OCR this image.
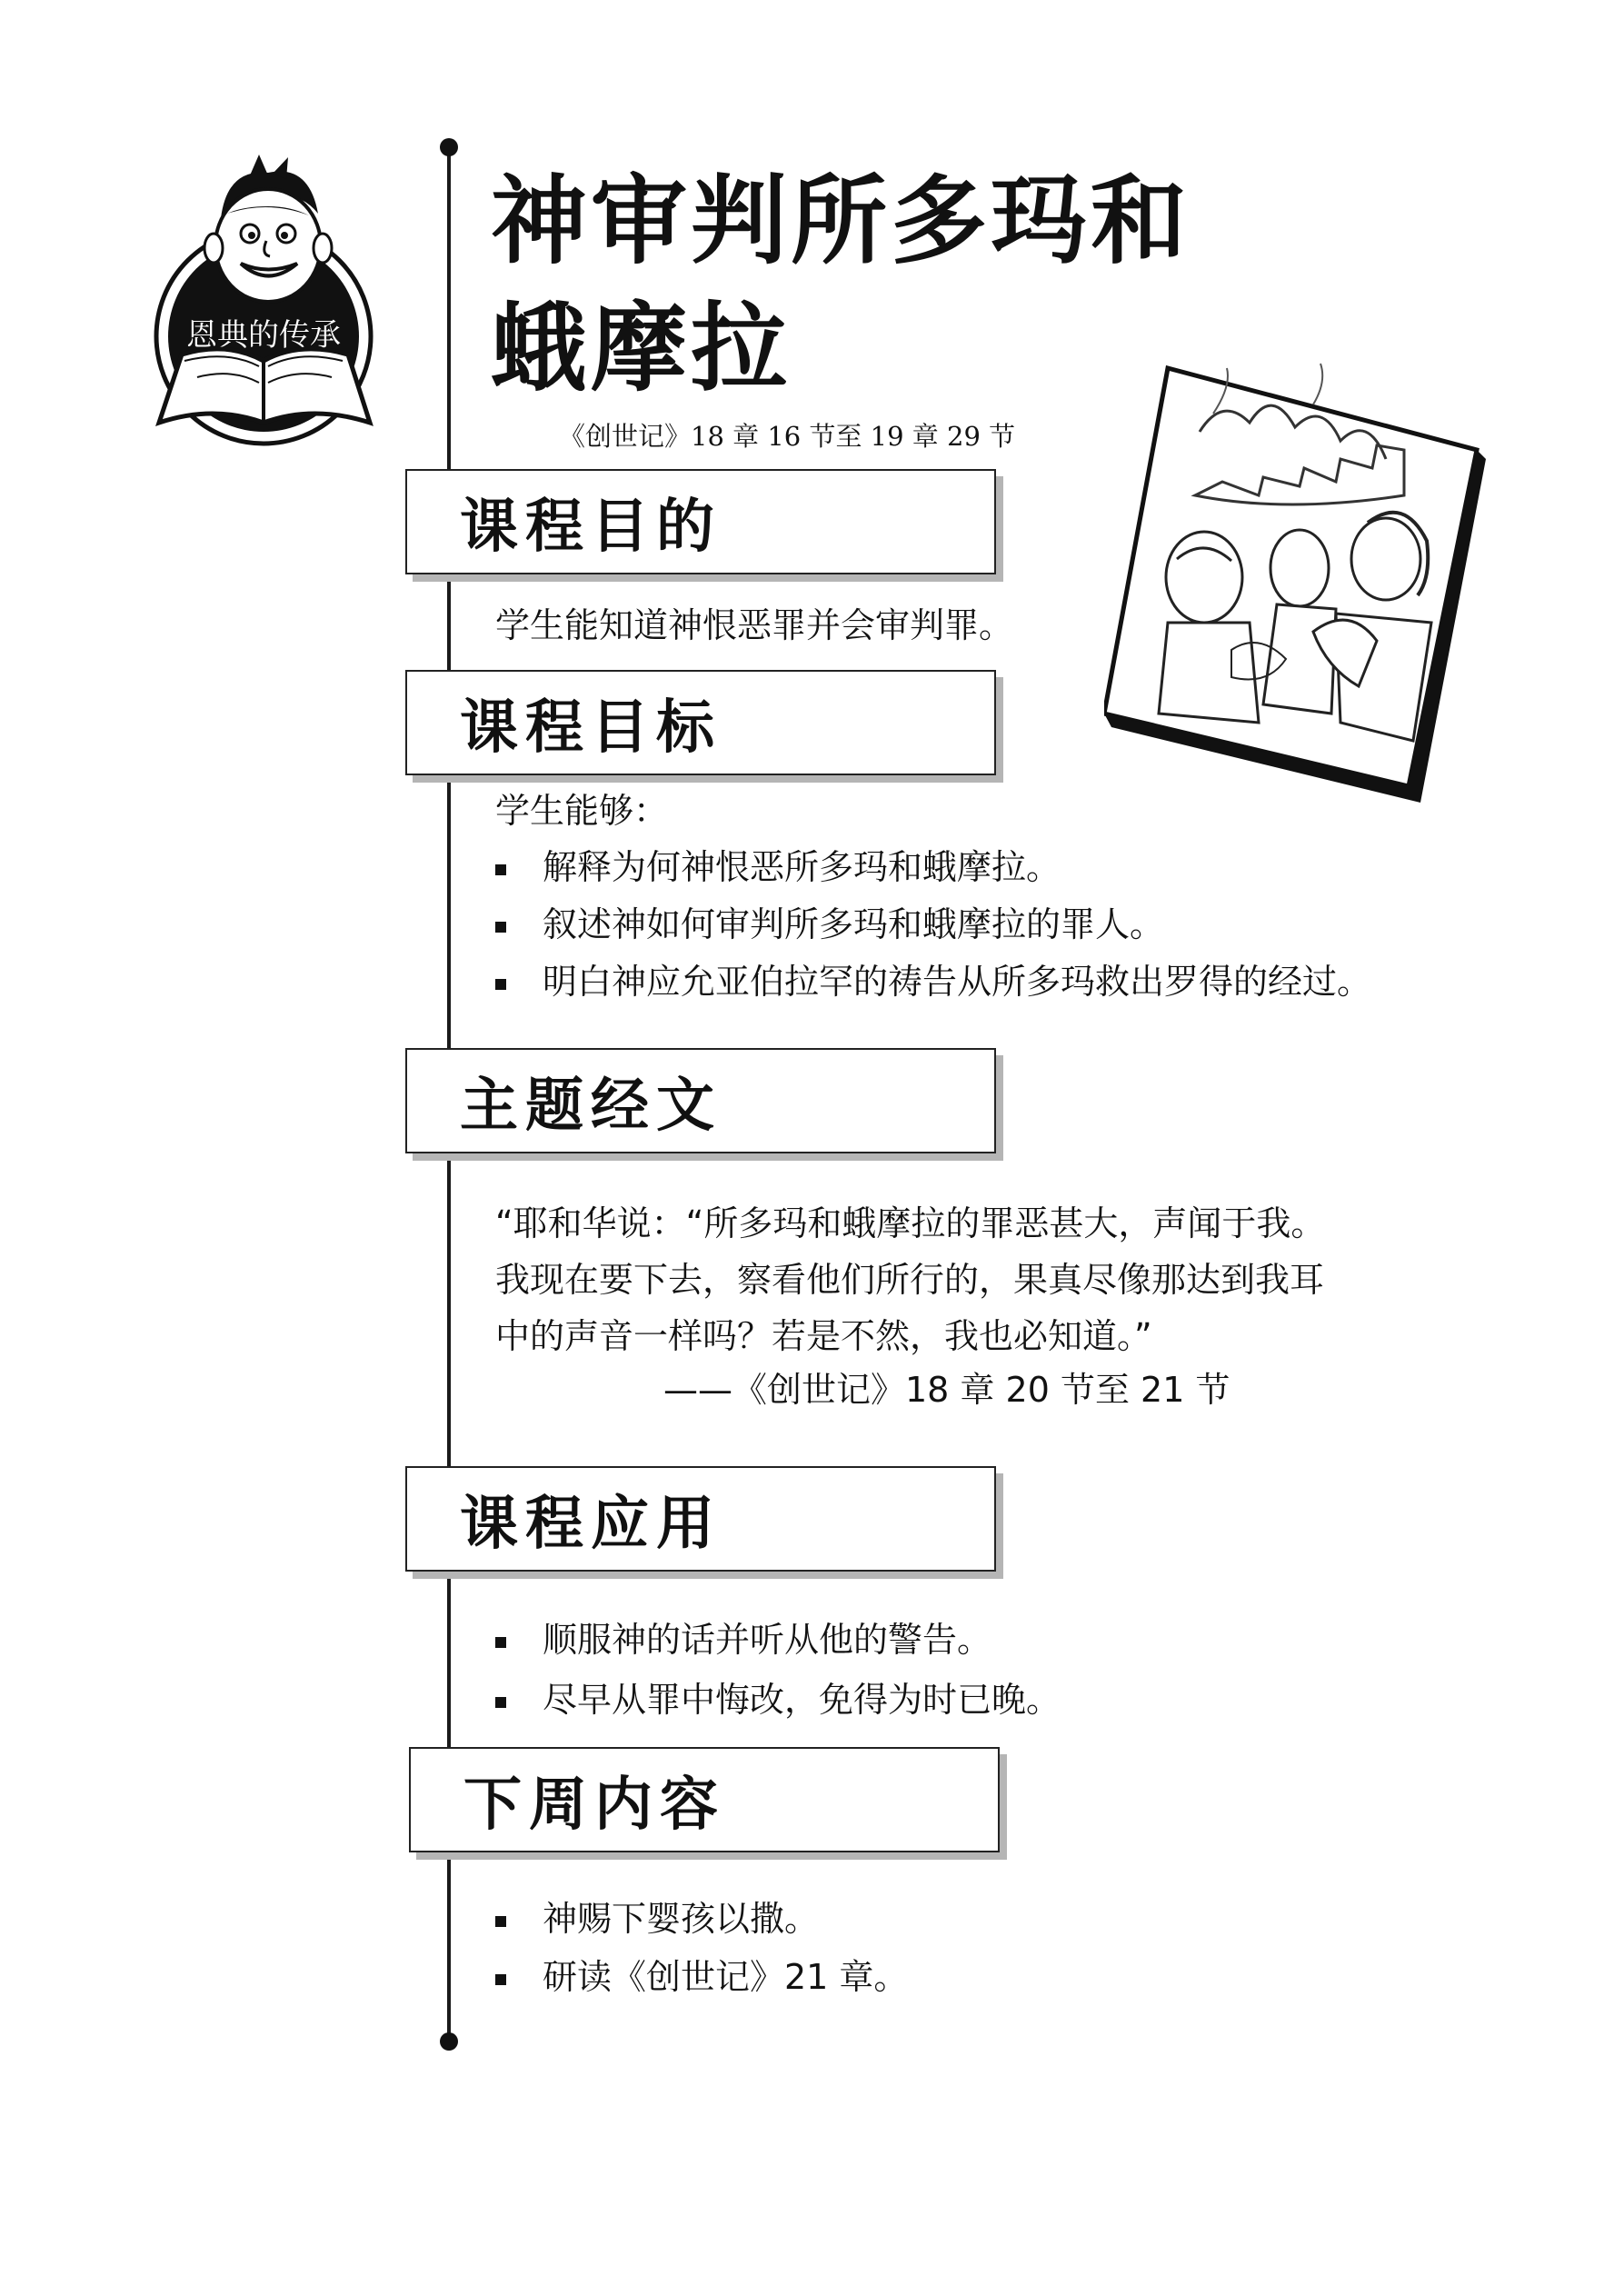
恩典的传承
神审判所多玛和
蛾摩拉
《创世记》18 章 16 节至 19 章 29 节
课程目的
学生能知道神恨恶罪并会审判罪。
课程目标
学生能够：
解释为何神恨恶所多玛和蛾摩拉。
叙述神如何审判所多玛和蛾摩拉的罪人。
明白神应允亚伯拉罕的祷告从所多玛救出罗得的经过。
主题经文
“耶和华说：“所多玛和蛾摩拉的罪恶甚大，声闻于我。
我现在要下去，察看他们所行的，果真尽像那达到我耳
中的声音一样吗？若是不然，我也必知道。”
——《创世记》18 章 20 节至 21 节
课程应用
顺服神的话并听从他的警告。
尽早从罪中悔改，免得为时已晚。
下周内容
神赐下婴孩以撒。
研读《创世记》21 章。
